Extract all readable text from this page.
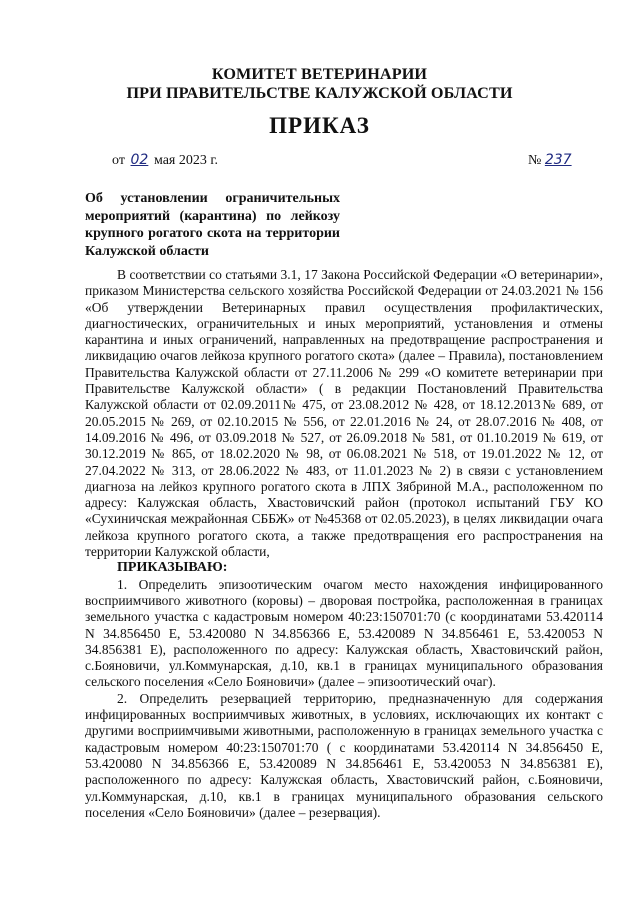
КОМИТЕТ ВЕТЕРИНАРИИ
ПРИ ПРАВИТЕЛЬСТВЕ КАЛУЖСКОЙ ОБЛАСТИ
ПРИКАЗ
от 02 мая 2023 г.	№ 237
Об установлении ограничительных мероприятий (карантина) по лейкозу крупного рогатого скота на территории Калужской области

В соответствии со статьями 3.1, 17 Закона Российской Федерации «О ветеринарии», приказом Министерства сельского хозяйства Российской Федерации от 24.03.2021 № 156 «Об утверждении Ветеринарных правил осуществления профилактических, диагностических, ограничительных и иных мероприятий, установления и отмены карантина и иных ограничений, направленных на предотвращение распространения и ликвидацию очагов лейкоза крупного рогатого скота» (далее – Правила), постановлением Правительства Калужской области от 27.11.2006 № 299 «О комитете ветеринарии при Правительстве Калужской области» ( в редакции Постановлений Правительства Калужской области от 02.09.2011№ 475, от 23.08.2012 № 428, от 18.12.2013№ 689, от 20.05.2015 № 269, от 02.10.2015 № 556, от 22.01.2016 № 24, от 28.07.2016 № 408, от 14.09.2016 № 496, от 03.09.2018 № 527, от 26.09.2018 № 581, от 01.10.2019 № 619, от 30.12.2019 № 865, от 18.02.2020 № 98, от 06.08.2021 № 518, от 19.01.2022 № 12, от 27.04.2022 № 313, от 28.06.2022 № 483, от 11.01.2023 № 2) в связи с установлением диагноза на лейкоз крупного рогатого скота в ЛПХ Зябриной М.А., расположенном по адресу: Калужская область, Хвастовичский район (протокол испытаний ГБУ КО «Сухиничская межрайонная СББЖ» от №45368 от 02.05.2023), в целях ликвидации очага лейкоза крупного рогатого скота, а также предотвращения его распространения на территории Калужской области,

ПРИКАЗЫВАЮ:

1. Определить эпизоотическим очагом место нахождения инфицированного восприимчивого животного (коровы) – дворовая постройка, расположенная в границах земельного участка с кадастровым номером 40:23:150701:70 (с координатами 53.420114 N 34.856450 E, 53.420080 N 34.856366 E, 53.420089 N 34.856461 E, 53.420053 N 34.856381 E), расположенного по адресу: Калужская область, Хвастовичский район, с.Бояновичи, ул.Коммунарская, д.10, кв.1 в границах муниципального образования сельского поселения «Село Бояновичи» (далее – эпизоотический очаг).

2. Определить резервацией территорию, предназначенную для содержания инфицированных восприимчивых животных, в условиях, исключающих их контакт с другими восприимчивыми животными, расположенную в границах земельного участка с кадастровым номером 40:23:150701:70 ( с координатами 53.420114 N 34.856450 E, 53.420080 N 34.856366 E, 53.420089 N 34.856461 E, 53.420053 N 34.856381 E), расположенного по адресу: Калужская область, Хвастовичский район, с.Бояновичи, ул.Коммунарская, д.10, кв.1 в границах муниципального образования сельского поселения «Село Бояновичи» (далее – резервация).
